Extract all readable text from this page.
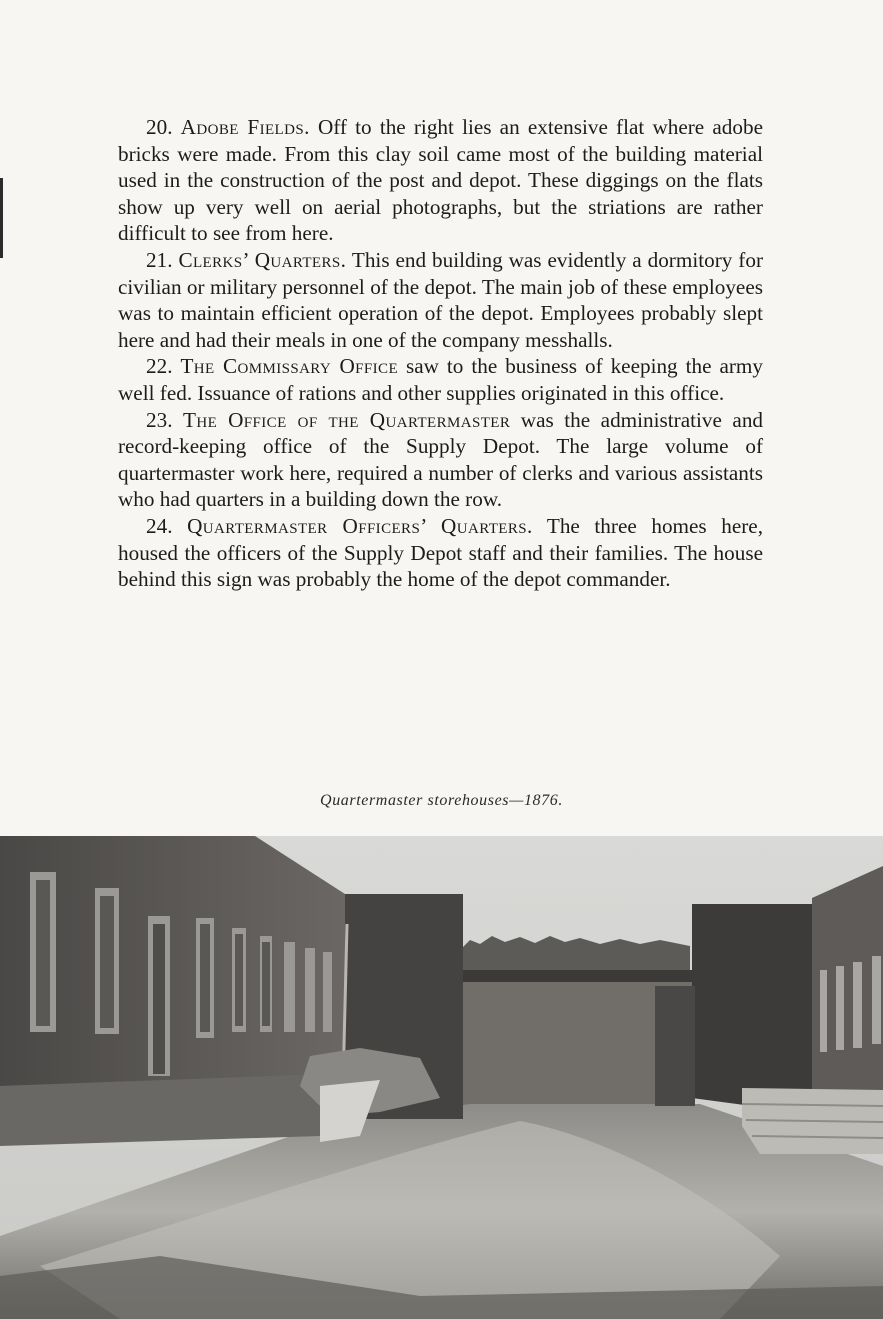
20. Adobe Fields. Off to the right lies an extensive flat where adobe bricks were made. From this clay soil came most of the building material used in the construction of the post and depot. These diggings on the flats show up very well on aerial photographs, but the striations are rather difficult to see from here.

21. Clerks’ Quarters. This end building was evidently a dormitory for civilian or military personnel of the depot. The main job of these employees was to maintain efficient operation of the depot. Employees probably slept here and had their meals in one of the company messhalls.

22. The Commissary Office saw to the business of keeping the army well fed. Issuance of rations and other supplies originated in this office.

23. The Office of the Quartermaster was the administrative and record-keeping office of the Supply Depot. The large volume of quartermaster work here, required a number of clerks and various assistants who had quarters in a building down the row.

24. Quartermaster Officers’ Quarters. The three homes here, housed the officers of the Supply Depot staff and their families. The house behind this sign was probably the home of the depot commander.

Quartermaster storehouses—1876.
